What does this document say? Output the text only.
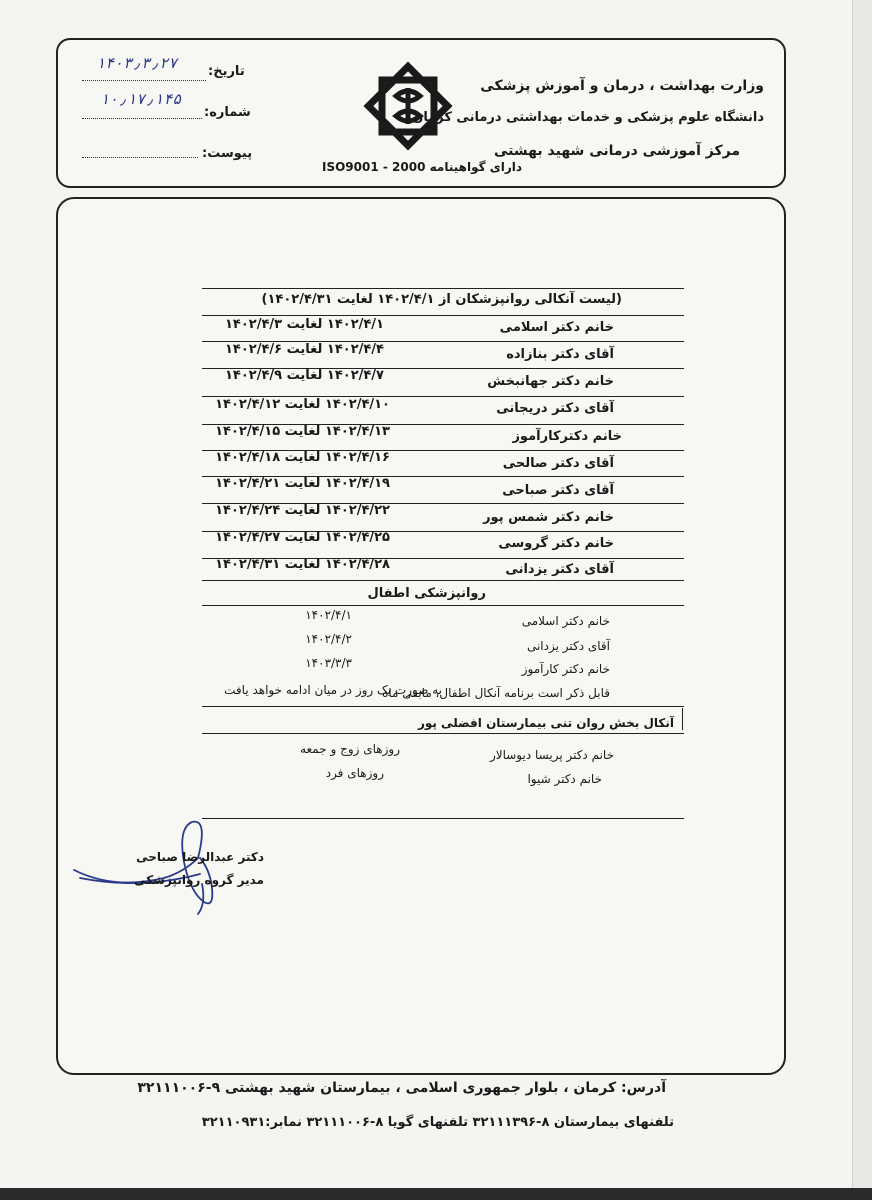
وزارت بهداشت ، درمان و آموزش پزشکی
دانشگاه علوم پزشکی و خدمات بهداشتی درمانی کرمان
مرکز آموزشی درمانی شهید بهشتی
دارای گواهینامه ISO9001 - 2000
تاریخ:
۱۴۰۳٫۳٫۲۷
شماره:
۱۰٫۱۷٫۱۴۵
پیوست:
(لیست آنکالی روانپزشکان از ۱۴۰۲/۴/۱ لغایت ۱۴۰۲/۴/۳۱)
خانم دکتر اسلامی
۱۴۰۲/۴/۱ لغایت ۱۴۰۲/۴/۳
آقای دکتر بنازاده
۱۴۰۲/۴/۴ لغایت ۱۴۰۲/۴/۶
خانم دکتر جهانبخش
۱۴۰۲/۴/۷ لغایت ۱۴۰۲/۴/۹
آقای دکتر دریجانی
۱۴۰۲/۴/۱۰ لغایت ۱۴۰۲/۴/۱۲
خانم دکترکارآموز
۱۴۰۲/۴/۱۳ لغایت ۱۴۰۲/۴/۱۵
آقای دکتر صالحی
۱۴۰۲/۴/۱۶ لغایت ۱۴۰۲/۴/۱۸
آقای دکتر صباحی
۱۴۰۲/۴/۱۹ لغایت ۱۴۰۲/۴/۲۱
خانم دکتر شمس پور
۱۴۰۲/۴/۲۲ لغایت ۱۴۰۲/۴/۲۴
خانم دکتر گروسی
۱۴۰۲/۴/۲۵ لغایت ۱۴۰۲/۴/۲۷
آقای دکتر یزدانی
۱۴۰۲/۴/۲۸ لغایت ۱۴۰۲/۴/۳۱
روانپزشکی اطفال
خانم دکتر اسلامی
۱۴۰۲/۴/۱
آقای دکتر یزدانی
۱۴۰۲/۴/۲
خانم دکتر کارآموز
۱۴۰۳/۳/۳
قابل ذکر است برنامه آنکال اطفال، مابقی ماه
به صورت یک روز در میان ادامه خواهد یافت
آنکال بخش روان تنی بیمارستان افضلی پور
خانم دکتر پریسا دیوسالار
روزهای زوج و جمعه
خانم دکتر شیوا
روزهای فرد
دکتر عبدالرضا صباحی
مدیر گروه روانپزشکی
آدرس: کرمان ، بلوار جمهوری اسلامی ، بیمارستان شهید بهشتی ۹-۳۲۱۱۱۰۰۶
تلفنهای بیمارستان ۸-۳۲۱۱۱۳۹۶ تلفنهای گویا ۸-۳۲۱۱۱۰۰۶ نمابر:۳۲۱۱۰۹۳۱
